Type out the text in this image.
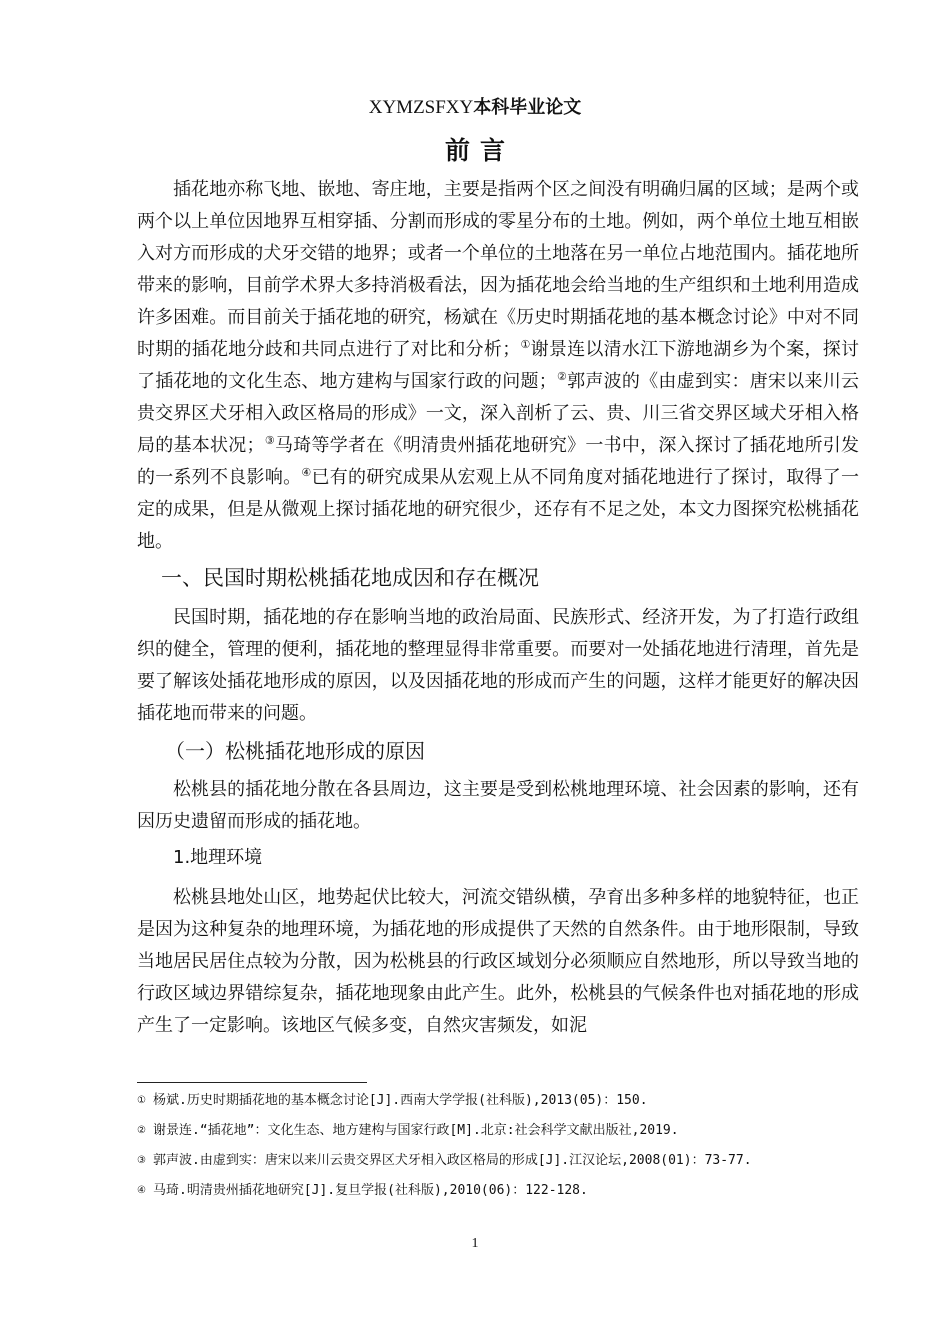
XYMZSFXY本科毕业论文
前言

插花地亦称飞地、嵌地、寄庄地，主要是指两个区之间没有明确归属的区域；是两个或两个以上单位因地界互相穿插、分割而形成的零星分布的土地。例如，两个单位土地互相嵌入对方而形成的犬牙交错的地界；或者一个单位的土地落在另一单位占地范围内。插花地所带来的影响，目前学术界大多持消极看法，因为插花地会给当地的生产组织和土地利用造成许多困难。而目前关于插花地的研究，杨斌在《历史时期插花地的基本概念讨论》中对不同时期的插花地分歧和共同点进行了对比和分析；①谢景连以清水江下游地湖乡为个案，探讨了插花地的文化生态、地方建构与国家行政的问题；②郭声波的《由虚到实：唐宋以来川云贵交界区犬牙相入政区格局的形成》一文，深入剖析了云、贵、川三省交界区域犬牙相入格局的基本状况；③马琦等学者在《明清贵州插花地研究》一书中，深入探讨了插花地所引发的一系列不良影响。④已有的研究成果从宏观上从不同角度对插花地进行了探讨，取得了一定的成果，但是从微观上探讨插花地的研究很少，还存有不足之处，本文力图探究松桃插花地。

一、民国时期松桃插花地成因和存在概况

民国时期，插花地的存在影响当地的政治局面、民族形式、经济开发，为了打造行政组织的健全，管理的便利，插花地的整理显得非常重要。而要对一处插花地进行清理，首先是要了解该处插花地形成的原因，以及因插花地的形成而产生的问题，这样才能更好的解决因插花地而带来的问题。

（一）松桃插花地形成的原因

松桃县的插花地分散在各县周边，这主要是受到松桃地理环境、社会因素的影响，还有因历史遗留而形成的插花地。

1.地理环境

松桃县地处山区，地势起伏比较大，河流交错纵横，孕育出多种多样的地貌特征，也正是因为这种复杂的地理环境，为插花地的形成提供了天然的自然条件。由于地形限制，导致当地居民居住点较为分散，因为松桃县的行政区域划分必须顺应自然地形，所以导致当地的行政区域边界错综复杂，插花地现象由此产生。此外，松桃县的气候条件也对插花地的形成产生了一定影响。该地区气候多变，自然灾害频发，如泥

① 杨斌.历史时期插花地的基本概念讨论[J].西南大学学报(社科版),2013(05)：150.
② 谢景连.“插花地”：文化生态、地方建构与国家行政[M].北京:社会科学文献出版社,2019.
③ 郭声波.由虚到实：唐宋以来川云贵交界区犬牙相入政区格局的形成[J].江汉论坛,2008(01)：73-77.
④ 马琦.明清贵州插花地研究[J].复旦学报(社科版),2010(06)：122-128.
1
